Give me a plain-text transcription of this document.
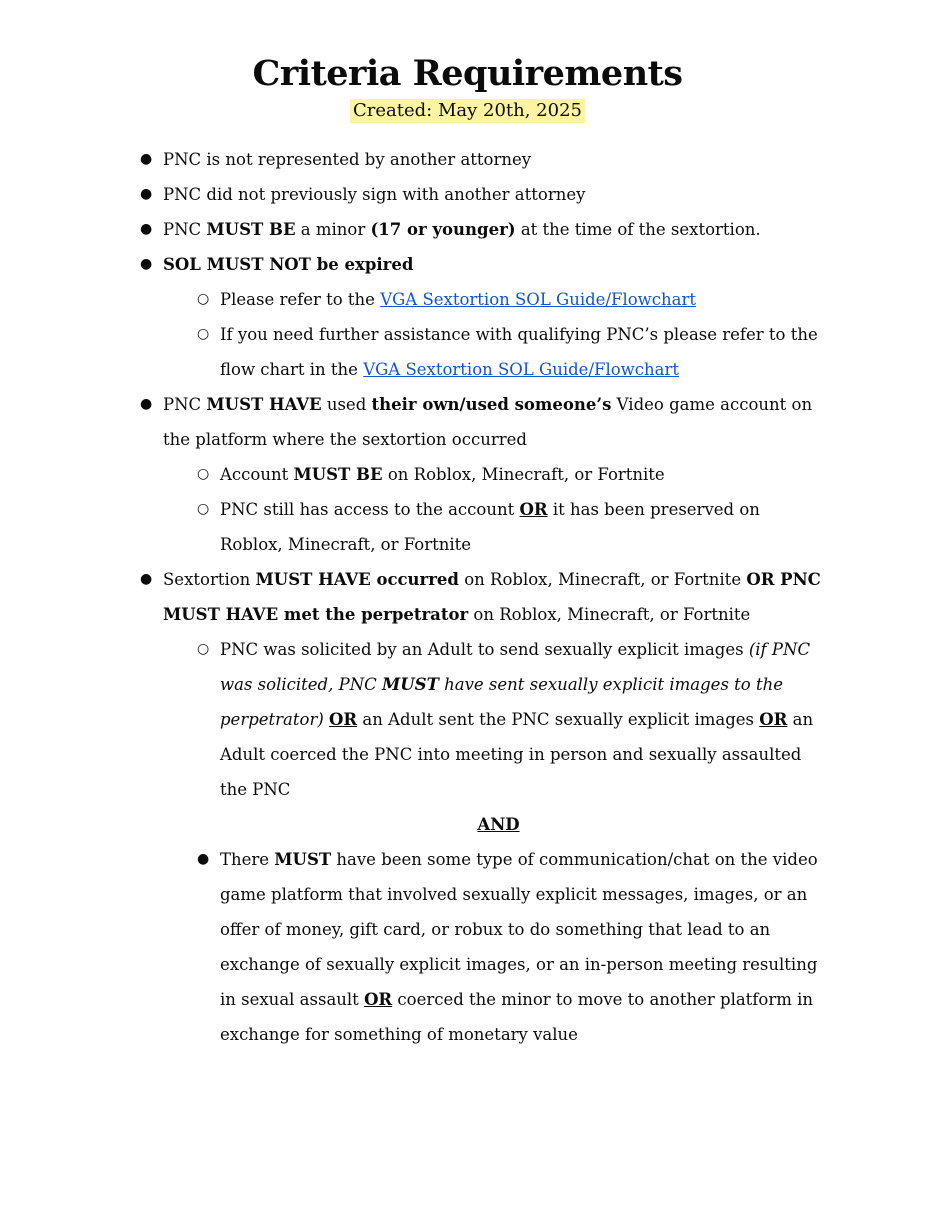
Criteria Requirements
Created: May 20th, 2025
● PNC is not represented by another attorney
● PNC did not previously sign with another attorney
● PNC MUST BE a minor (17 or younger) at the time of the sextortion.
● SOL MUST NOT be expired
○ Please refer to the VGA Sextortion SOL Guide/Flowchart
○ If you need further assistance with qualifying PNC’s please refer to the flow chart in the VGA Sextortion SOL Guide/Flowchart
● PNC MUST HAVE used their own/used someone’s Video game account on the platform where the sextortion occurred
○ Account MUST BE on Roblox, Minecraft, or Fortnite
○ PNC still has access to the account OR it has been preserved on Roblox, Minecraft, or Fortnite
● Sextortion MUST HAVE occurred on Roblox, Minecraft, or Fortnite OR PNC MUST HAVE met the perpetrator on Roblox, Minecraft, or Fortnite
○ PNC was solicited by an Adult to send sexually explicit images (if PNC was solicited, PNC MUST have sent sexually explicit images to the perpetrator) OR an Adult sent the PNC sexually explicit images OR an Adult coerced the PNC into meeting in person and sexually assaulted the PNC
AND
● There MUST have been some type of communication/chat on the video game platform that involved sexually explicit messages, images, or an offer of money, gift card, or robux to do something that lead to an exchange of sexually explicit images, or an in-person meeting resulting in sexual assault OR coerced the minor to move to another platform in exchange for something of monetary value
